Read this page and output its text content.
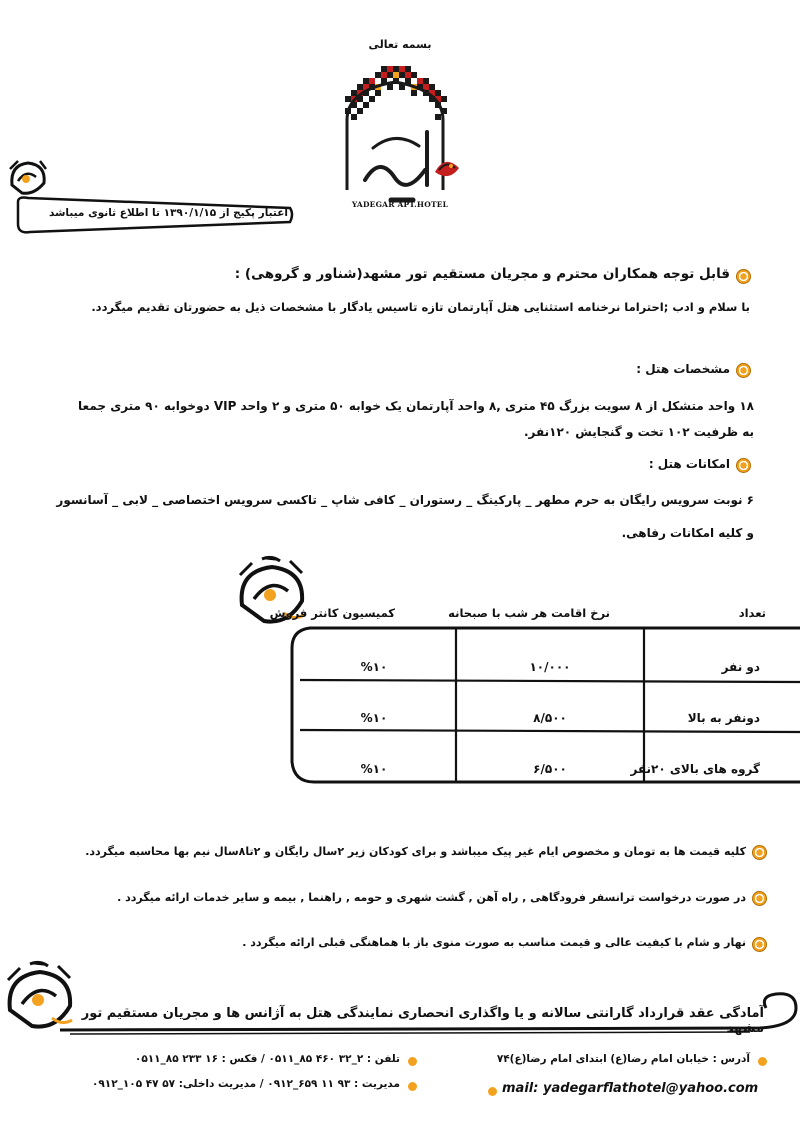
بسمه تعالی
YADEGAR APT.HOTEL
اعتبار پکیج از ۱۳۹۰/۱/۱۵ تا اطلاع ثانوی میباشد
قابل توجه همکاران محترم و مجریان مستقیم تور مشهد(شناور و گروهی) :
با سلام و ادب ;احتراما نرخنامه استثنایی هتل آپارتمان تازه تاسیس یادگار با مشخصات ذیل به حضورتان تقدیم میگردد.
مشخصات هتل :
۱۸ واحد متشکل از ۸ سویت بزرگ ۴۵ متری ,۸ واحد آپارتمان یک خوابه ۵۰ متری و ۲ واحد VIP دوخوابه ۹۰ متری جمعا
به ظرفیت ۱۰۲ تخت و گنجایش ۱۲۰نفر.
امکانات هتل :
۶ نوبت سرویس رایگان به حرم مطهر _ پارکینگ _ رستوران _ کافی شاپ _ تاکسی سرویس اختصاصی _ لابی _ آسانسور
و کلیه امکانات رفاهی.
تعداد
نرخ اقامت هر شب با صبحانه
کمیسیون کانتر فروش
دو نفر
۱۰/۰۰۰
%۱۰
دونفر به بالا
۸/۵۰۰
%۱۰
گروه های بالای ۲۰نفر
۶/۵۰۰
%۱۰
کلیه قیمت ها به تومان و مخصوص ایام غیر پیک میباشد و برای کودکان زیر ۲سال رایگان و ۲تا۸سال نیم بها محاسبه میگردد.
در صورت درخواست ترانسفر فرودگاهی , راه آهن , گشت شهری و حومه , راهنما , بیمه و سایر خدمات ارائه میگردد .
نهار و شام با کیفیت عالی و قیمت مناسب به صورت منوی باز با هماهنگی قبلی ارائه میگردد .
آمادگی عقد قرارداد گارانتی سالانه و یا واگذاری انحصاری نمایندگی هتل به آژانس ها و مجریان مستقیم تور مشهد
آدرس : خیابان امام رضا(ع) ابتدای امام رضا(ع)۷۴
تلفن : ۲_۳۲ ۴۶۰ ۸۵_۰۵۱۱ / فکس : ۱۶ ۲۳۳ ۸۵_۰۵۱۱
mail: yadegarflathotel@yahoo.com
مدیریت : ۹۳ ۱۱ ۶۵۹_۰۹۱۲ / مدیریت داخلی: ۵۷ ۴۷ ۱۰۵_۰۹۱۲
